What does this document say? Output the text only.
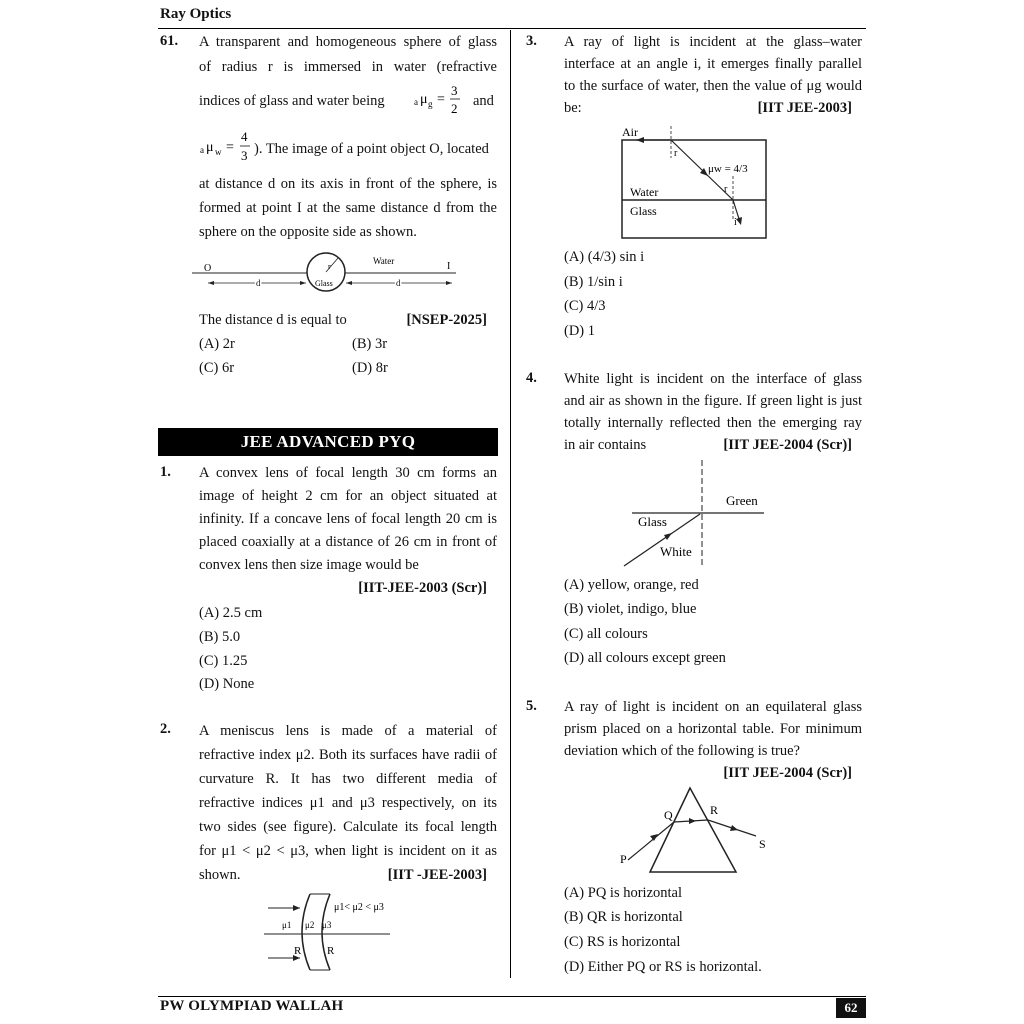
Ray Optics
PW OLYMPIAD WALLAH	62
61. A transparent and homogeneous sphere of glass
of radius r is immersed in water (refractive
indices of glass and water being	a μ g =
3
2 and
a μ w =
4
3 ). The image of a point object O, located
at distance d on its axis in front of the sphere, is
formed at point I at the same distance d from the
sphere on the opposite side as shown.
r
Glass
Water
O	I
d	d
The distance d is equal to	[NSEP-2025]
(A) 2r	(B) 3r
(C) 6r	(D) 8r
JEE ADVANCED PYQ
1. A convex lens of focal length 30 cm forms an
image of height 2 cm for an object situated at
infinity. If a concave lens of focal length 20 cm is
placed coaxially at a distance of 26 cm in front of
convex lens then size image would be
[IIT-JEE-2003 (Scr)]
(A) 2.5 cm
(B) 5.0
(C) 1.25
(D) None
2. A meniscus lens is made of a material of
refractive index μ2. Both its surfaces have radii of
curvature R. It has two different media of
refractive indices μ1 and μ3 respectively, on its
two sides (see figure). Calculate its focal length
for μ1 < μ2 < μ3, when light is incident on it as
shown.	[IIT -JEE-2003]
μ1< μ2 < μ3
μ1 μ2 μ3
R R
3. A ray of light is incident at the glass–water
interface at an angle i, it emerges finally parallel
to the surface of water, then the value of μg would
be:	[IIT JEE-2003]
Air
Water
Glass
μw = 4/3
r
r
i
(A) (4/3) sin i
(B) 1/sin i
(C) 4/3
(D) 1
4. White light is incident on the interface of glass
and air as shown in the figure. If green light is just
totally internally reflected then the emerging ray
in air contains	[IIT JEE-2004 (Scr)]
Green
Glass
White
(A) yellow, orange, red
(B) violet, indigo, blue
(C) all colours
(D) all colours except green
5. A ray of light is incident on an equilateral glass
prism placed on a horizontal table. For minimum
deviation which of the following is true?
[IIT JEE-2004 (Scr)]
P
Q	R
S
(A) PQ is horizontal
(B) QR is horizontal
(C) RS is horizontal
(D) Either PQ or RS is horizontal.
